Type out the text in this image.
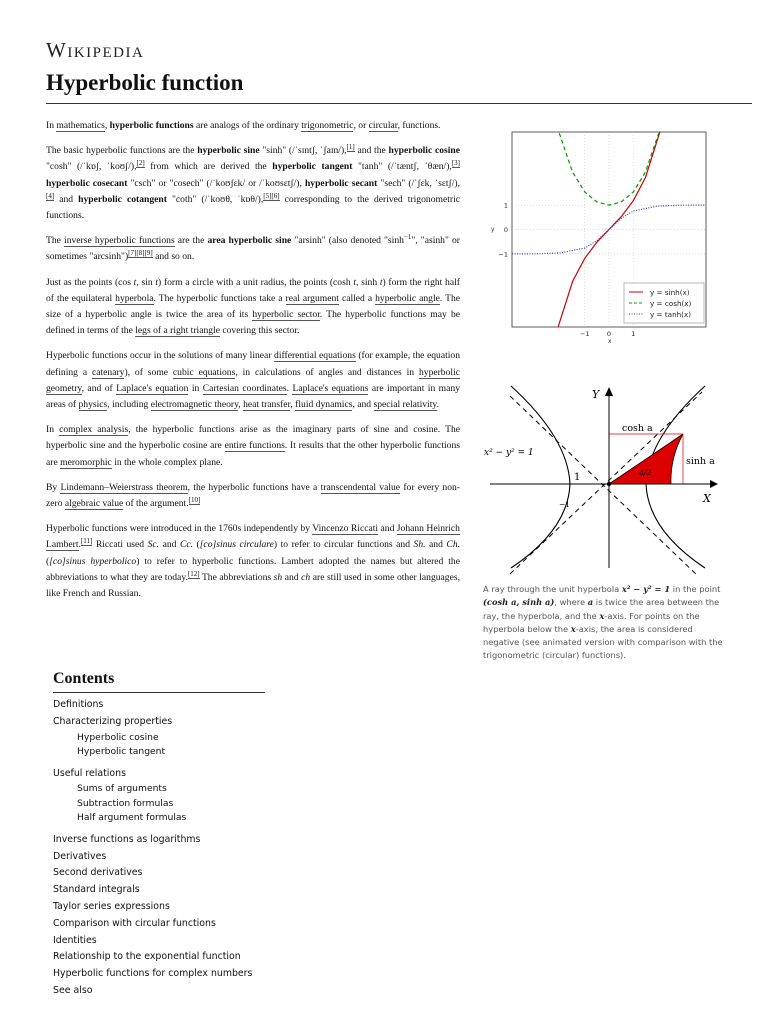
Wikipedia
Hyperbolic function

In mathematics, hyperbolic functions are analogs of the ordinary trigonometric, or circular, functions.

The basic hyperbolic functions are the hyperbolic sine "sinh" (/ˈsɪntʃ, ˈʃaɪn/),[1] and the hyperbolic cosine "cosh" (/ˈkɒʃ, ˈkoʊʃ/),[2] from which are derived the hyperbolic tangent "tanh" (/ˈtæntʃ, ˈθæn/),[3] hyperbolic cosecant "csch" or "cosech" (/ˈkoʊʃɛk/ or /ˈkoʊsɛtʃ/), hyperbolic secant "sech" (/ˈʃɛk, ˈsɛtʃ/),[4] and hyperbolic cotangent "coth" (/ˈkoʊθ, ˈkɒθ/),[5][6] corresponding to the derived trigonometric functions.

The inverse hyperbolic functions are the area hyperbolic sine "arsinh" (also denoted "$\sinh^{-1}$", "asinh" or sometimes "arcsinh")[7][8][9] and so on.

Just as the points (cos t, sin t) form a circle with a unit radius, the points (cosh t, sinh t) form the right half of the equilateral hyperbola. The hyperbolic functions take a real argument called a hyperbolic angle. The size of a hyperbolic angle is twice the area of its hyperbolic sector. The hyperbolic functions may be defined in terms of the legs of a right triangle covering this sector.

Hyperbolic functions occur in the solutions of many linear differential equations (for example, the equation defining a catenary), of some cubic equations, in calculations of angles and distances in hyperbolic geometry, and of Laplace's equation in Cartesian coordinates. Laplace's equations are important in many areas of physics, including electromagnetic theory, heat transfer, fluid dynamics, and special relativity.

In complex analysis, the hyperbolic functions arise as the imaginary parts of sine and cosine. The hyperbolic sine and the hyperbolic cosine are entire functions. It results that the other hyperbolic functions are meromorphic in the whole complex plane.

By Lindemann–Weierstrass theorem, the hyperbolic functions have a transcendental value for every non-zero algebraic value of the argument.[10]

Hyperbolic functions were introduced in the 1760s independently by Vincenzo Riccati and Johann Heinrich Lambert.[11] Riccati used Sc. and Cc. ([co]sinus circulare) to refer to circular functions and Sh. and Ch. ([co]sinus hyperbolico) to refer to hyperbolic functions. Lambert adopted the names but altered the abbreviations to what they are today.[12] The abbreviations sh and ch are still used in some other languages, like French and Russian.

Contents
Definitions
Characterizing properties
Hyperbolic cosine
Hyperbolic tangent
Useful relations
Sums of arguments
Subtraction formulas
Half argument formulas
Inverse functions as logarithms
Derivatives
Second derivatives
Standard integrals
Taylor series expressions
Comparison with circular functions
Identities
Relationship to the exponential function
Hyperbolic functions for complex numbers
See also
−1	0	1
1
0
−1
y
x
y = sinh(x)
y = cosh(x)
y = tanh(x)
Y
X
x² − y² = 1
cosh a
sinh a
a/2
1
−1
A ray through the unit hyperbola x² − y² = 1 in the point (cosh a, sinh a), where a is twice the area between the ray, the hyperbola, and the x-axis. For points on the hyperbola below the x-axis, the area is considered negative (see animated version with comparison with the trigonometric (circular) functions).
